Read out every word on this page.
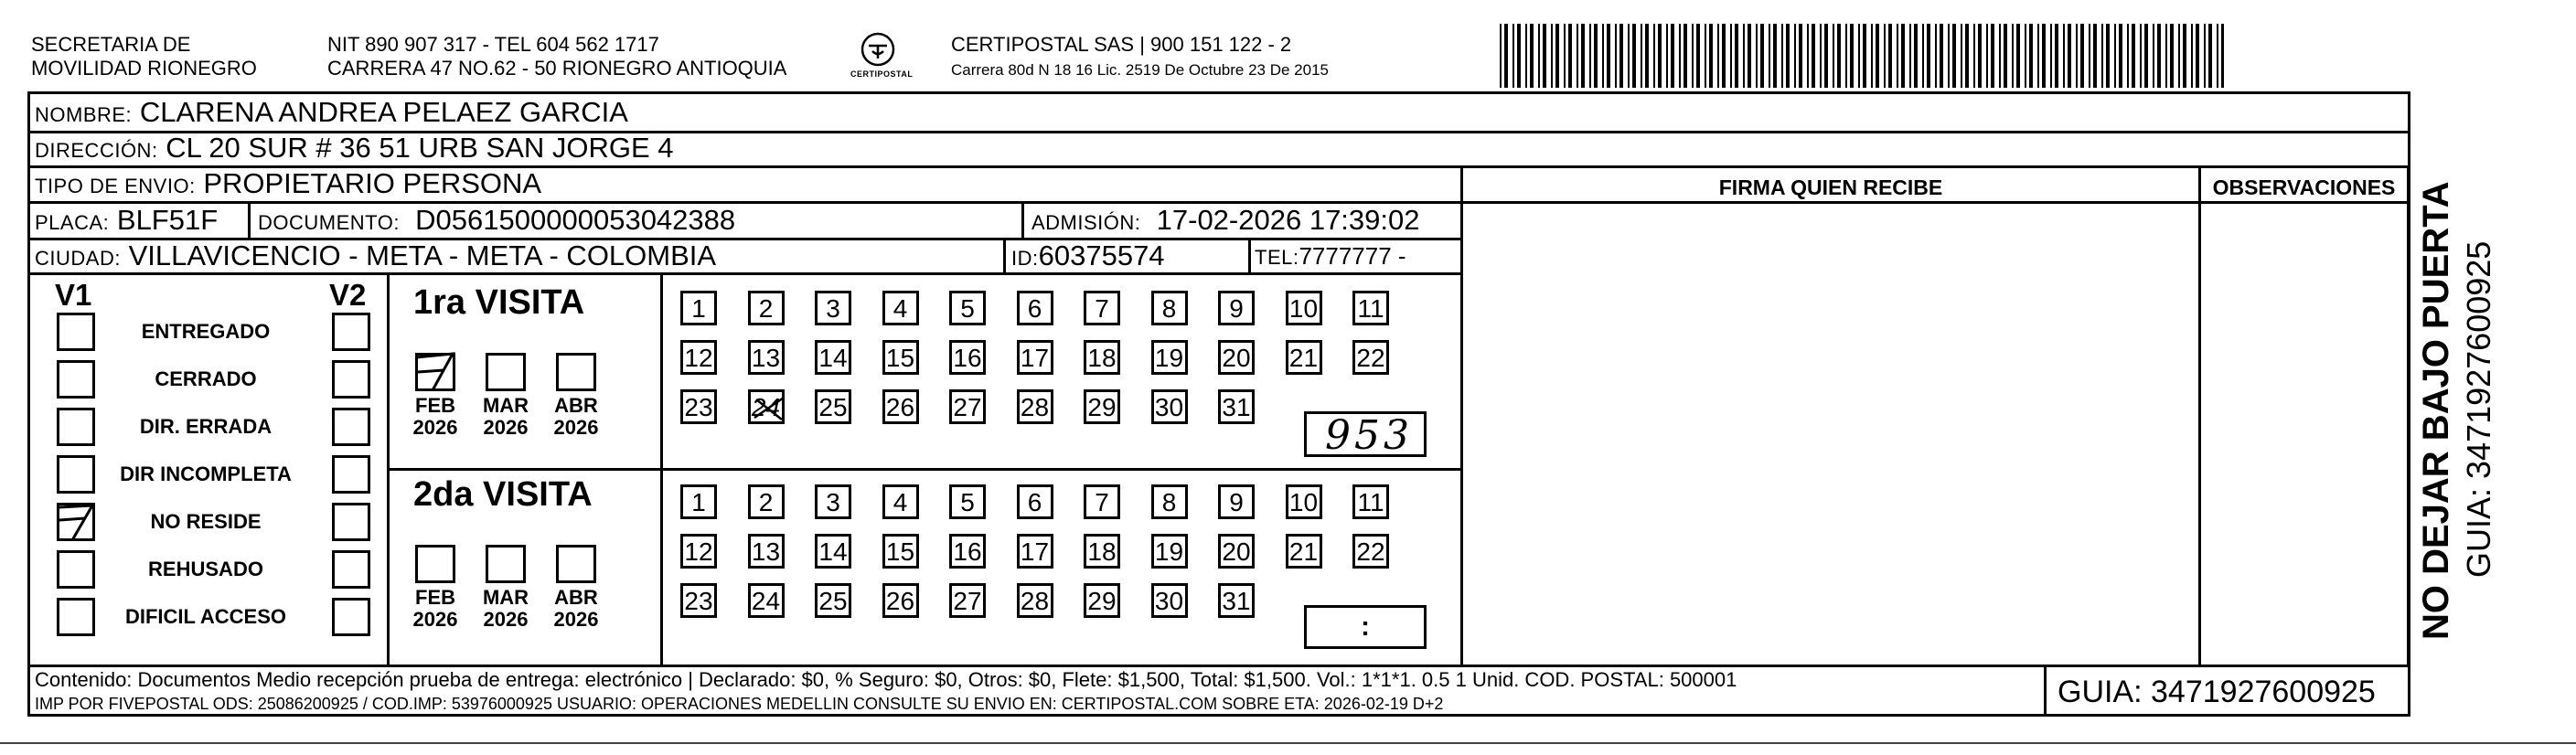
SECRETARIA DE
MOVILIDAD RIONEGRO
NIT 890 907 317 - TEL 604 562 1717
CARRERA 47 NO.62 - 50 RIONEGRO ANTIOQUIA	CERTIPOSTAL
CERTIPOSTAL SAS | 900 151 122 - 2
Carrera 80d N 18 16 Lic. 2519 De Octubre 23 De 2015
NOMBRE: CLARENA ANDREA PELAEZ GARCIA
DIRECCIÓN: CL 20 SUR # 36 51 URB SAN JORGE 4
TIPO DE ENVIO: PROPIETARIO PERSONA	FIRMA QUIEN RECIBE	OBSERVACIONES
PLACA: BLF51F DOCUMENTO: D0561500000053042388	ADMISIÓN: 17-02-2026 17:39:02
CIUDAD: VILLAVICENCIO - META - META - COLOMBIA	ID:60375574	TEL:7777777 -
V1	V2
ENTREGADO
CERRADO
DIR. ERRADA
DIR INCOMPLETA
NO RESIDE
REHUSADO
DIFICIL ACCESO
1ra VISITA
FEB
2026
MAR
2026
ABR
2026
1	2	3	4	5	6	7	8	9	10 11
12 13 14 15 16 17 18 19 20 21 22
23 24 25 26 27 28 29 30 31
953
2da VISITA
FEB
2026
MAR
2026
ABR
2026
1	2	3	4	5	6	7	8	9	10 11
12 13 14 15 16 17 18 19 20 21 22
23 24 25 26 27 28 29 30 31
:
Contenido: Documentos Medio recepción prueba de entrega: electrónico | Declarado: $0, % Seguro: $0, Otros: $0, Flete: $1,500, Total: $1,500. Vol.: 1*1*1. 0.5 1 Unid. COD. POSTAL: 500001
IMP POR FIVEPOSTAL ODS: 25086200925 / COD.IMP: 53976000925 USUARIO: OPERACIONES MEDELLIN CONSULTE SU ENVIO EN: CERTIPOSTAL.COM SOBRE ETA: 2026-02-19 D+2	GUIA: 3471927600925
NO DEJAR BAJO PUERTA GUIA: 3471927600925
